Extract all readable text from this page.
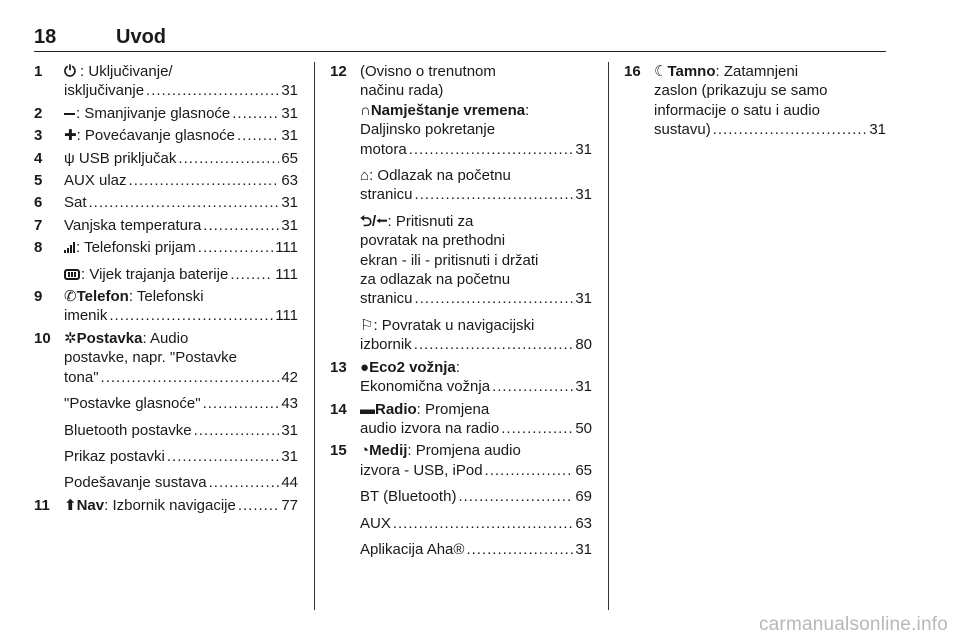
18	Uvod
1 ⏻ : Uključivanje/
isključivanje .....	31
2	: Smanjivanje glasnoće .....	31
3 ✚: Povećavanje glasnoće .....	31
4 ψ USB priključak .....	65
5 AUX ulaz .....	63
6 Sat .....	31
7 Vanjska temperatura .....	31
8	: Telefonski prijam .....	111
: Vijek trajanja baterije .....	111
9 ✆Telefon: Telefonski
imenik .....	111
10 ✲Postavka: Audio
postavke, napr. "Postavke
tona" .....	42
"Postavke glasnoće" .....	43
Bluetooth postavke .....	31
Prikaz postavki .....	31
Podešavanje sustava .....	44
11 ⬆Nav: Izbornik navigacije .....	77
12 (Ovisno o trenutnom
načinu rada)
∩Namještanje vremena:
Daljinsko pokretanje
motora .....	31
⌂: Odlazak na početnu
stranicu .....	31
⮌/⭠: Pritisnuti za
povratak na prethodni
ekran - ili - pritisnuti i držati
za odlazak na početnu
stranicu .....	31
⚐: Povratak u navigacijski
izbornik .....	80
13 ●Eco2 vožnja:
Ekonomična vožnja .....	31
14 ▬Radio: Promjena
audio izvora na radio .....	50
15 ◔Medij: Promjena audio
izvora - USB, iPod .....	65
BT (Bluetooth) .....	69
AUX .....	63
Aplikacija Aha® .....	31
16 ☾Tamno: Zatamnjeni
zaslon (prikazuju se samo
informacije o satu i audio
sustavu) .....	31
carmanualsonline.info
